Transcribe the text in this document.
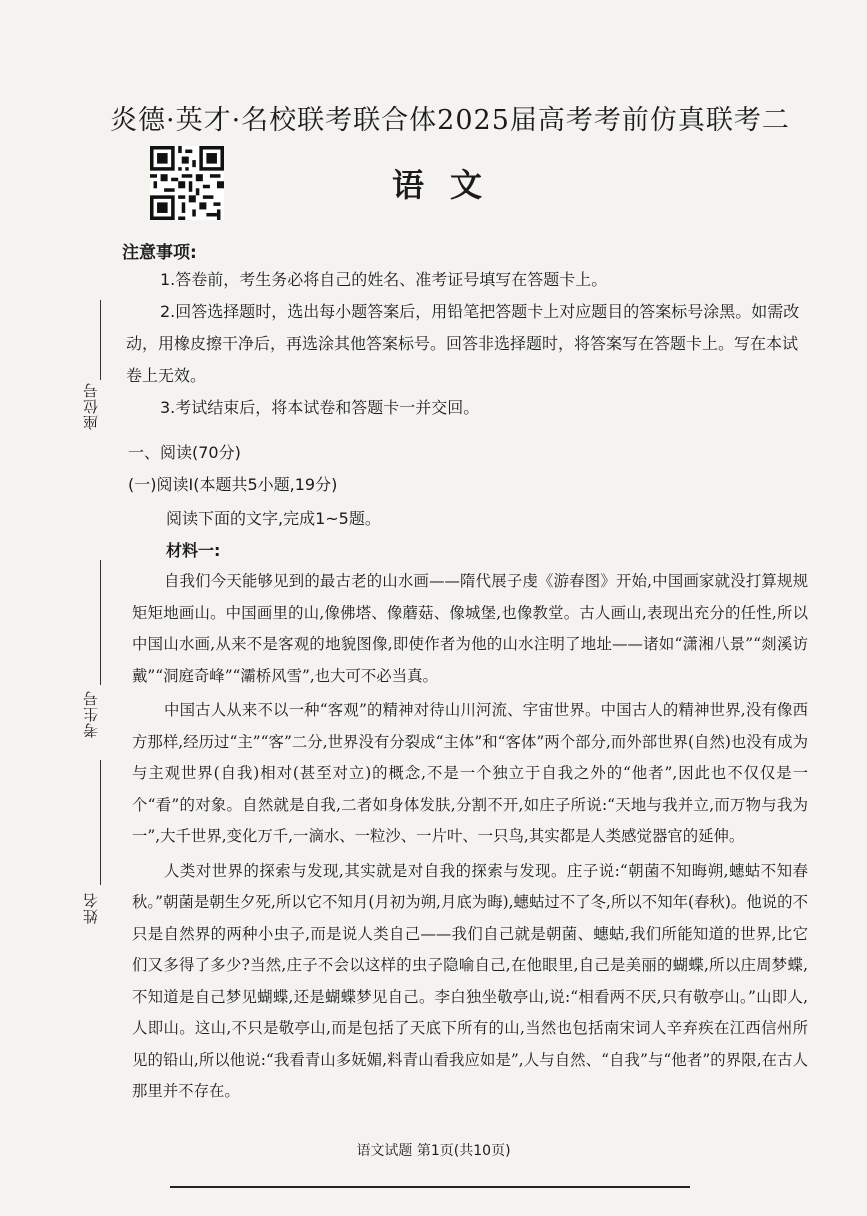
炎德·英才·名校联考联合体2025届高考考前仿真联考二
语文
注意事项:

1.答卷前，考生务必将自己的姓名、准考证号填写在答题卡上。

2.回答选择题时，选出每小题答案后，用铅笔把答题卡上对应题目的答案标号涂黑。如需改动，用橡皮擦干净后，再选涂其他答案标号。回答非选择题时，将答案写在答题卡上。写在本试卷上无效。

3.考试结束后，将本试卷和答题卡一并交回。

座位号
考生号
姓名
一、阅读(70分)
(一)阅读Ⅰ(本题共5小题,19分)
阅读下面的文字,完成1~5题。
材料一:

自我们今天能够见到的最古老的山水画——隋代展子虔《游春图》开始,中国画家就没打算规规矩矩地画山。中国画里的山,像佛塔、像蘑菇、像城堡,也像教堂。古人画山,表现出充分的任性,所以中国山水画,从来不是客观的地貌图像,即使作者为他的山水注明了地址——诸如“潇湘八景”“剡溪访戴”“洞庭奇峰”“灞桥风雪”,也大可不必当真。

中国古人从来不以一种“客观”的精神对待山川河流、宇宙世界。中国古人的精神世界,没有像西方那样,经历过“主”“客”二分,世界没有分裂成“主体”和“客体”两个部分,而外部世界(自然)也没有成为与主观世界(自我)相对(甚至对立)的概念,不是一个独立于自我之外的“他者”,因此也不仅仅是一个“看”的对象。自然就是自我,二者如身体发肤,分割不开,如庄子所说:“天地与我并立,而万物与我为一”,大千世界,变化万千,一滴水、一粒沙、一片叶、一只鸟,其实都是人类感觉器官的延伸。

人类对世界的探索与发现,其实就是对自我的探索与发现。庄子说:“朝菌不知晦朔,蟪蛄不知春秋。”朝菌是朝生夕死,所以它不知月(月初为朔,月底为晦),蟪蛄过不了冬,所以不知年(春秋)。他说的不只是自然界的两种小虫子,而是说人类自己——我们自己就是朝菌、蟪蛄,我们所能知道的世界,比它们又多得了多少?当然,庄子不会以这样的虫子隐喻自己,在他眼里,自己是美丽的蝴蝶,所以庄周梦蝶,不知道是自己梦见蝴蝶,还是蝴蝶梦见自己。李白独坐敬亭山,说:“相看两不厌,只有敬亭山。”山即人,人即山。这山,不只是敬亭山,而是包括了天底下所有的山,当然也包括南宋词人辛弃疾在江西信州所见的铅山,所以他说:“我看青山多妩媚,料青山看我应如是”,人与自然、“自我”与“他者”的界限,在古人那里并不存在。

语文试题 第1页(共10页)
